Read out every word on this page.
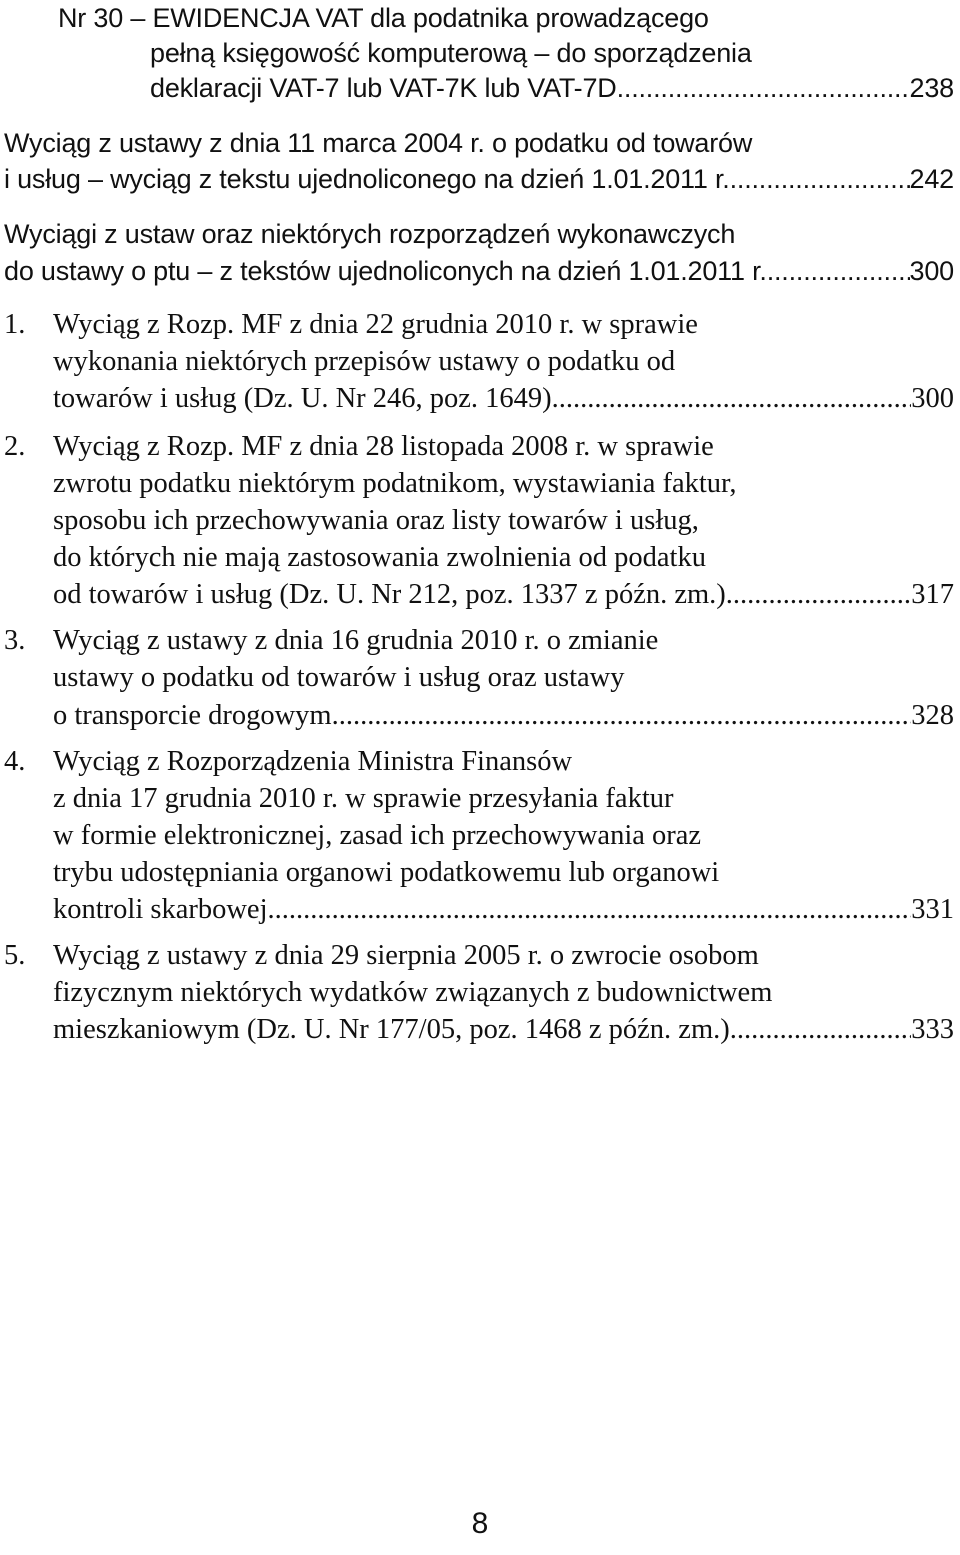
Nr 30 – EWIDENCJA VAT dla podatnika prowadzącego
pełną księgowość komputerową – do sporządzenia
deklaracji VAT-7 lub VAT-7K lub VAT-7D .....	238
Wyciąg z ustawy z dnia 11 marca 2004 r. o podatku od towarów
i usług – wyciąg z tekstu ujednoliconego na dzień 1.01.2011 r. .....	242
Wyciągi z ustaw oraz niektórych rozporządzeń wykonawczych
do ustawy o ptu – z tekstów ujednoliconych na dzień 1.01.2011 r. .....	300
1. Wyciąg z Rozp. MF z dnia 22 grudnia 2010 r. w sprawie
wykonania niektórych przepisów ustawy o podatku od
towarów i usług (Dz. U. Nr 246, poz. 1649) .....	300
2. Wyciąg z Rozp. MF z dnia 28 listopada 2008 r. w sprawie
zwrotu podatku niektórym podatnikom, wystawiania faktur,
sposobu ich przechowywania oraz listy towarów i usług,
do których nie mają zastosowania zwolnienia od podatku
od towarów i usług (Dz. U. Nr 212, poz. 1337 z późn. zm.) .....	317
3. Wyciąg z ustawy z dnia 16 grudnia 2010 r. o zmianie
ustawy o podatku od towarów i usług oraz ustawy
o transporcie drogowym .....	328
4. Wyciąg z Rozporządzenia Ministra Finansów
z dnia 17 grudnia 2010 r. w sprawie przesyłania faktur
w formie elektronicznej, zasad ich przechowywania oraz
trybu udostępniania organowi podatkowemu lub organowi
kontroli skarbowej .....	331
5. Wyciąg z ustawy z dnia 29 sierpnia 2005 r. o zwrocie osobom
fizycznym niektórych wydatków związanych z budownictwem
mieszkaniowym (Dz. U. Nr 177/05, poz. 1468 z późn. zm.) .....	333
8
